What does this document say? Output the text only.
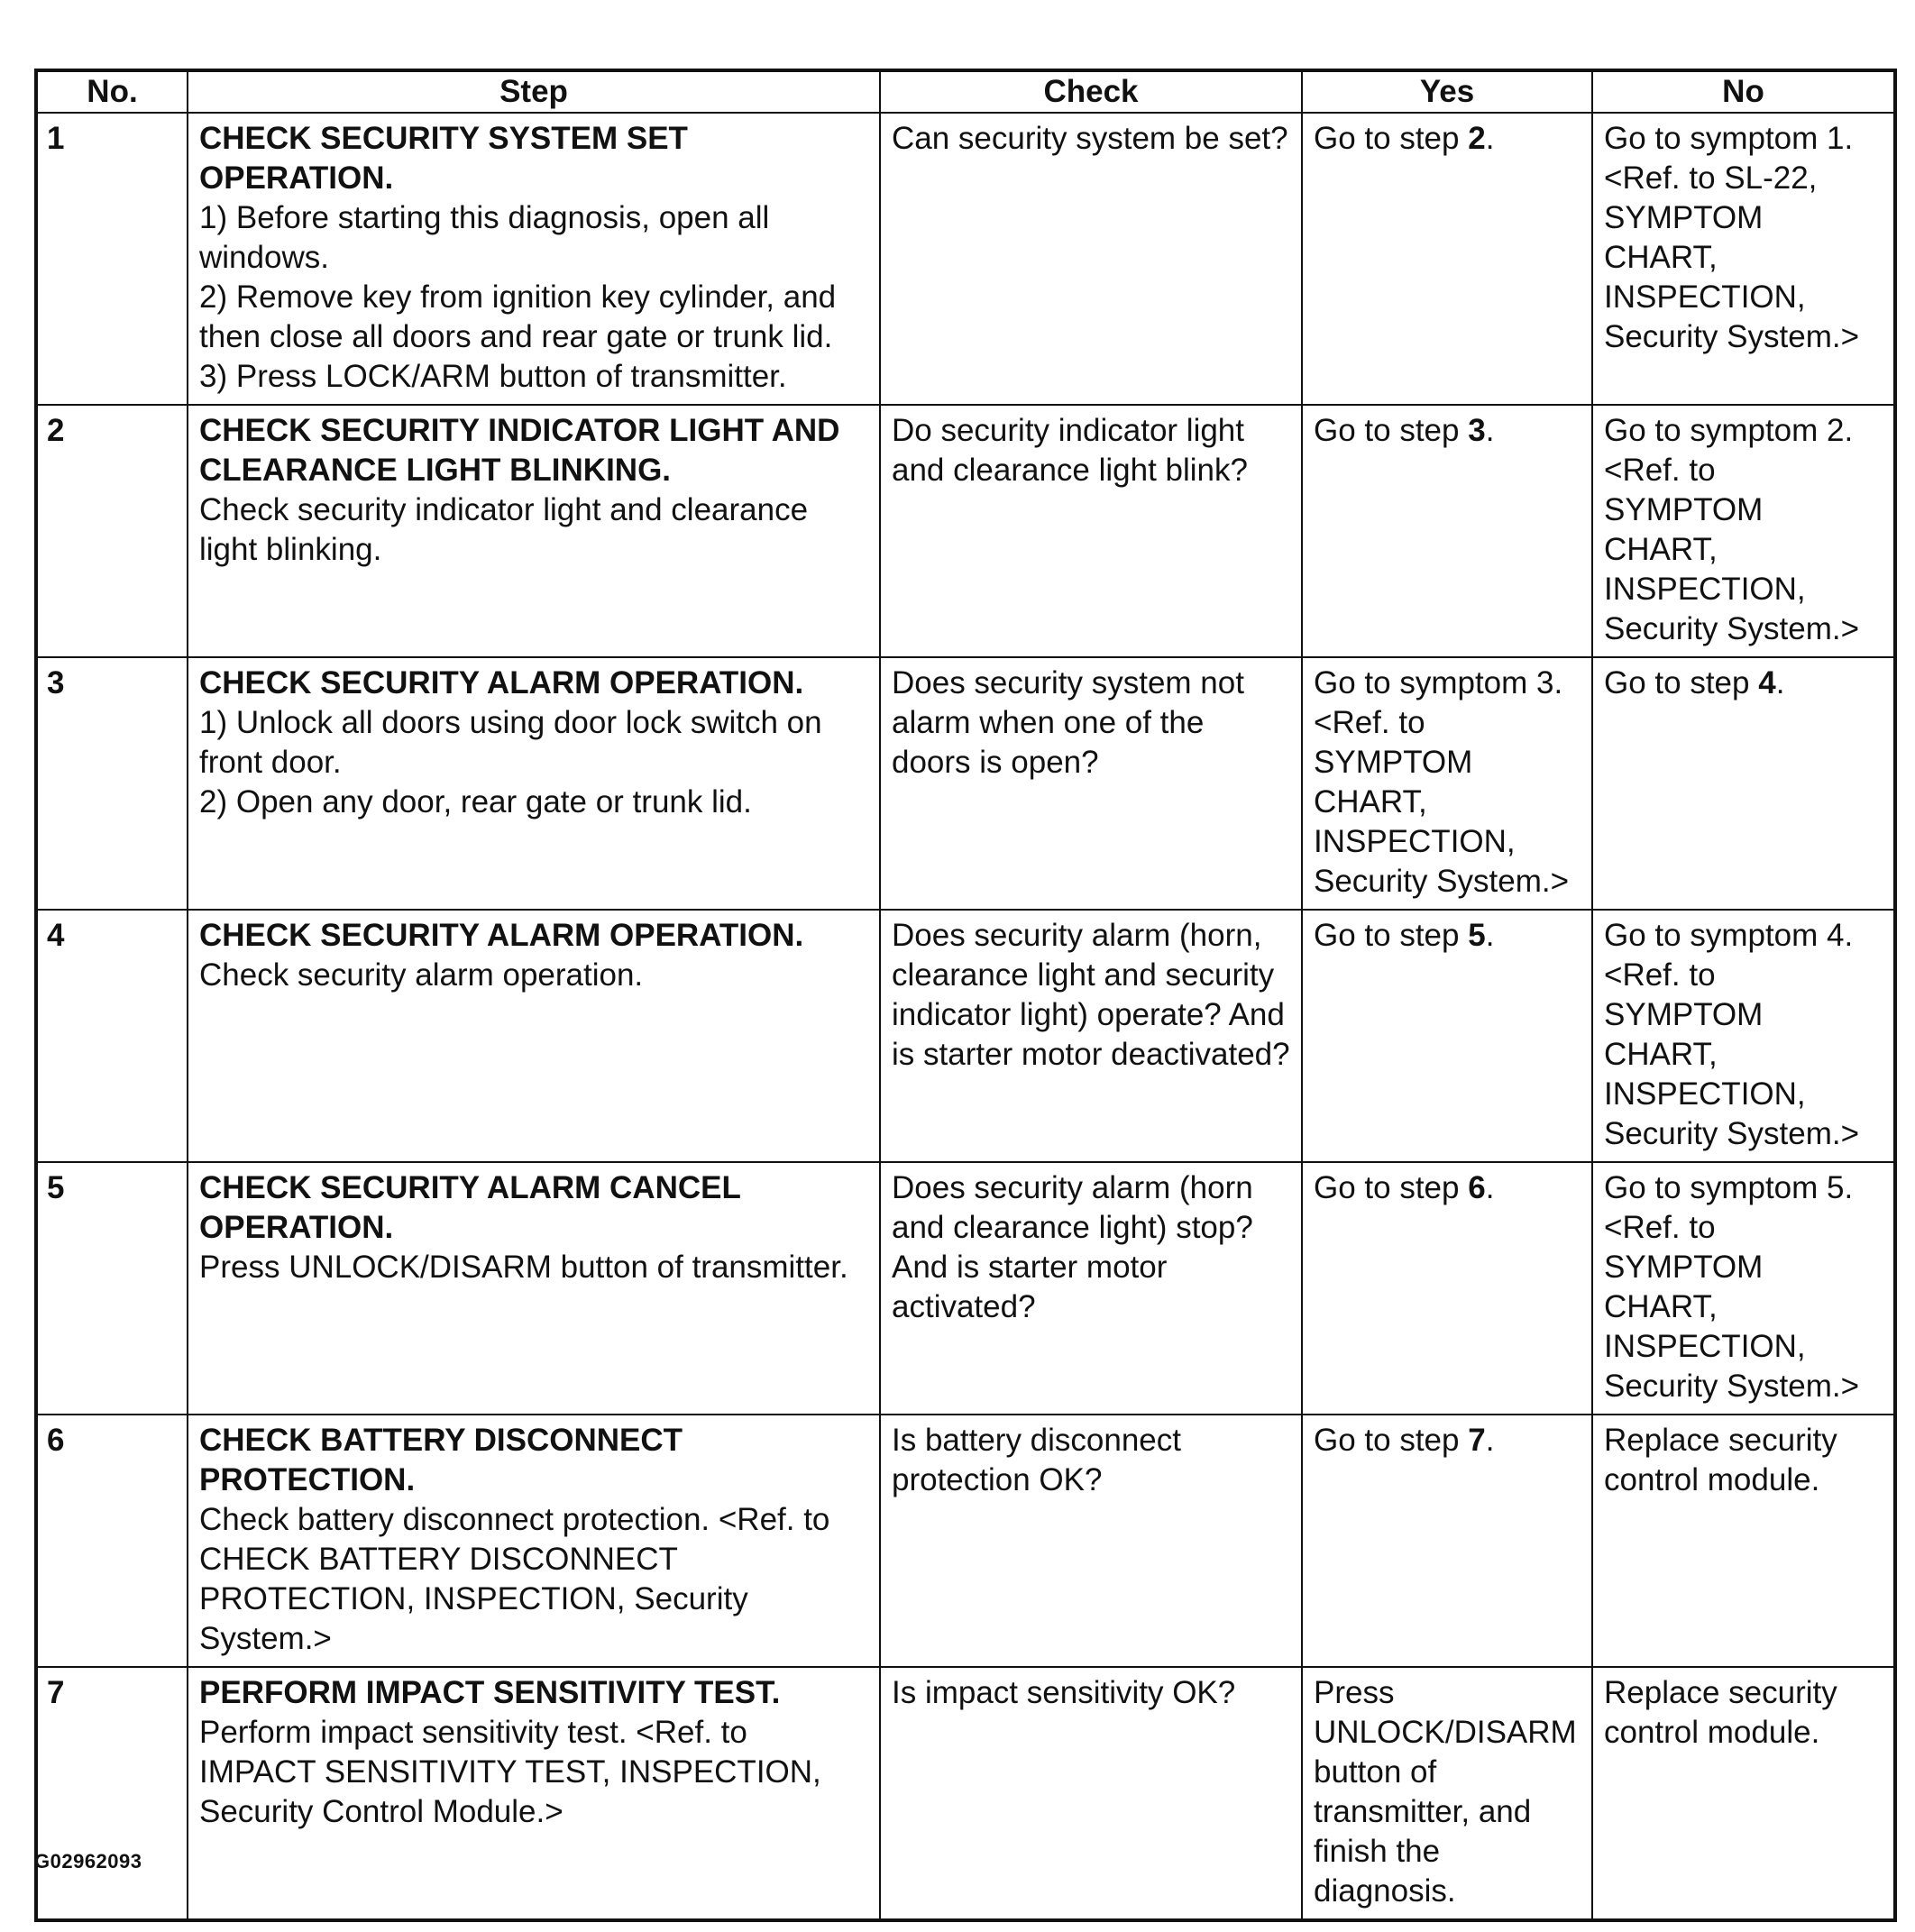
No.	Step	Check	Yes	No
1	CHECK SECURITY SYSTEM SET OPERATION.
1) Before starting this diagnosis, open all windows.
2) Remove key from ignition key cylinder, and then close all doors and rear gate or trunk lid.
3) Press LOCK/ARM button of transmitter.	Can security system be set?	Go to step 2.	Go to symptom 1. <Ref. to SL-22, SYMPTOM CHART, INSPECTION, Security System.>
2	CHECK SECURITY INDICATOR LIGHT AND CLEARANCE LIGHT BLINKING.
Check security indicator light and clearance light blinking.	Do security indicator light and clearance light blink?	Go to step 3.	Go to symptom 2. <Ref. to SYMPTOM CHART, INSPECTION, Security System.>
3	CHECK SECURITY ALARM OPERATION.
1) Unlock all doors using door lock switch on front door.
2) Open any door, rear gate or trunk lid.	Does security system not alarm when one of the doors is open?	Go to symptom 3. <Ref. to SYMPTOM CHART, INSPECTION, Security System.>	Go to step 4.
4	CHECK SECURITY ALARM OPERATION.
Check security alarm operation.	Does security alarm (horn, clearance light and security indicator light) operate? And is starter motor deactivated?	Go to step 5.	Go to symptom 4. <Ref. to SYMPTOM CHART, INSPECTION, Security System.>
5	CHECK SECURITY ALARM CANCEL OPERATION.
Press UNLOCK/DISARM button of transmitter.	Does security alarm (horn and clearance light) stop? And is starter motor activated?	Go to step 6.	Go to symptom 5. <Ref. to SYMPTOM CHART, INSPECTION, Security System.>
6	CHECK BATTERY DISCONNECT PROTECTION.
Check battery disconnect protection. <Ref. to CHECK BATTERY DISCONNECT PROTECTION, INSPECTION, Security System.>	Is battery disconnect protection OK?	Go to step 7.	Replace security control module.
7	PERFORM IMPACT SENSITIVITY TEST.
Perform impact sensitivity test. <Ref. to IMPACT SENSITIVITY TEST, INSPECTION, Security Control Module.>	Is impact sensitivity OK?	Press UNLOCK/DISARM button of transmitter, and finish the diagnosis.	Replace security control module.
G02962093
